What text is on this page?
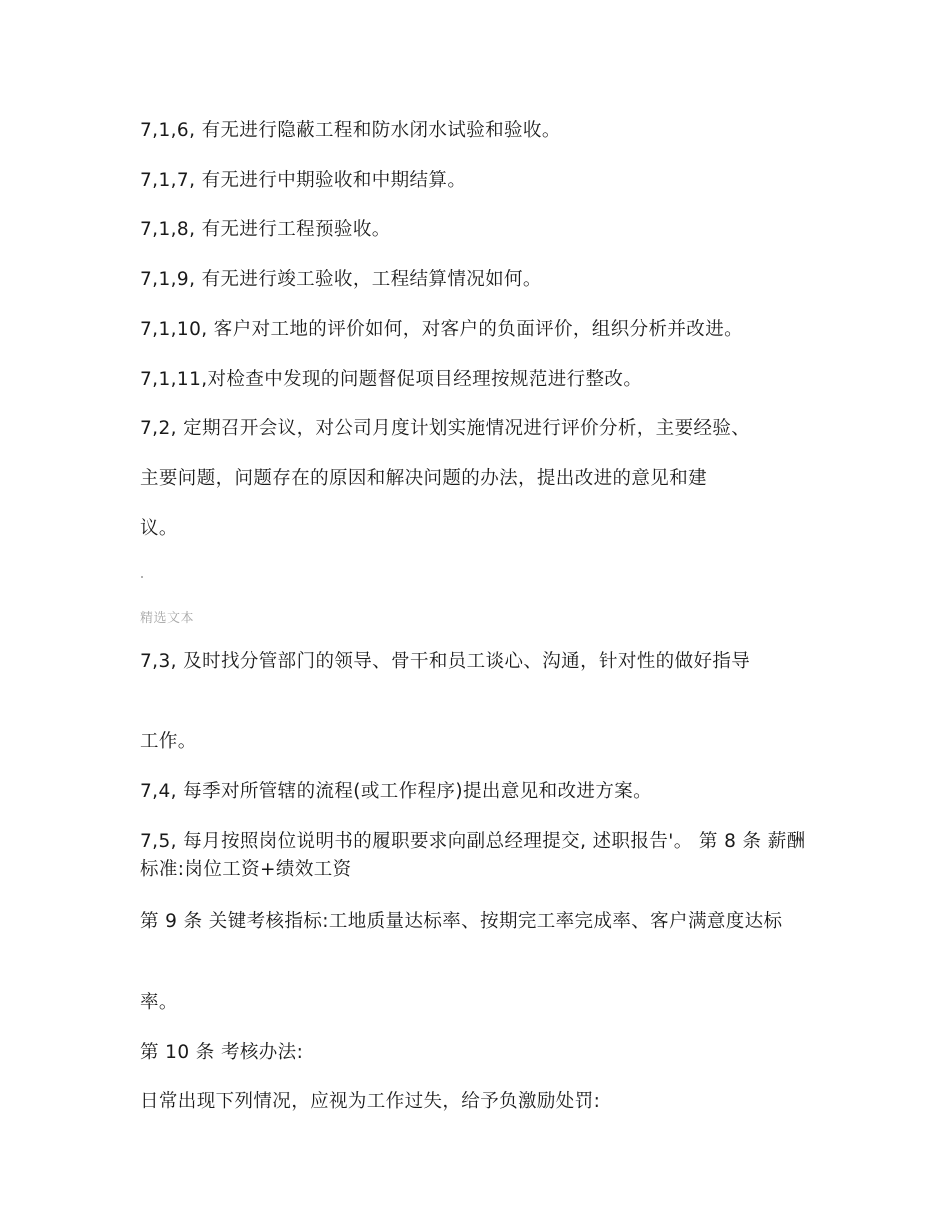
7,1,6, 有无进行隐蔽工程和防水闭水试验和验收。
7,1,7, 有无进行中期验收和中期结算。
7,1,8, 有无进行工程预验收。
7,1,9, 有无进行竣工验收，工程结算情况如何。
7,1,10, 客户对工地的评价如何，对客户的负面评价，组织分析并改进。
7,1,11,对检查中发现的问题督促项目经理按规范进行整改。
7,2, 定期召开会议，对公司月度计划实施情况进行评价分析，主要经验、
主要问题，问题存在的原因和解决问题的办法，提出改进的意见和建
议。
精选文本
7,3, 及时找分管部门的领导、骨干和员工谈心、沟通，针对性的做好指导
工作。
7,4, 每季对所管辖的流程(或工作程序)提出意见和改进方案。
7,5, 每月按照岗位说明书的履职要求向副总经理提交, 述职报告'。 第 8 条 薪酬标准:岗位工资+绩效工资
第 9 条 关键考核指标:工地质量达标率、按期完工率完成率、客户满意度达标
率。
第 10 条 考核办法:
日常出现下列情况，应视为工作过失，给予负激励处罚:
